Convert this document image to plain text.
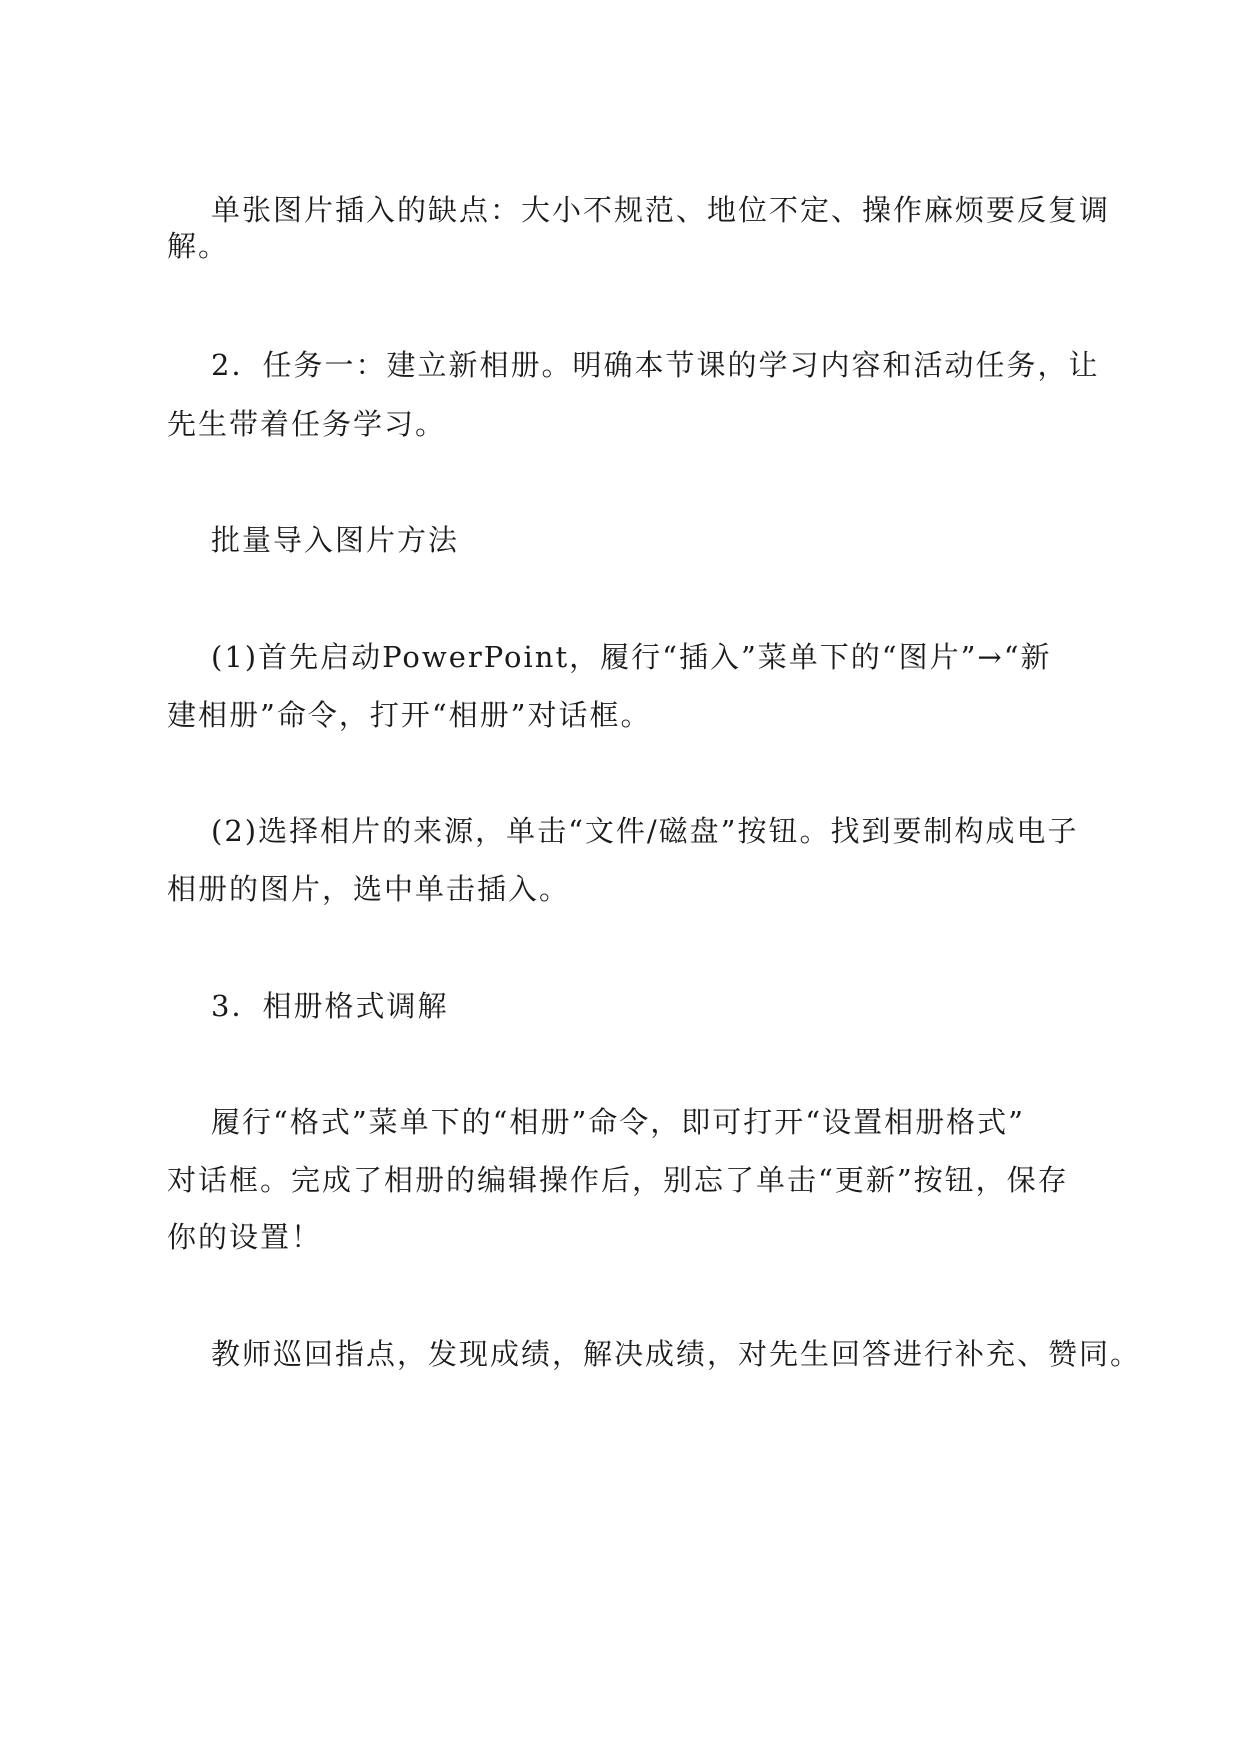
单张图片插入的缺点：大小不规范、地位不定、操作麻烦要反复调
解。
2．任务一：建立新相册。明确本节课的学习内容和活动任务，让
先生带着任务学习。
批量导入图片方法
(1)首先启动PowerPoint，履行“插入”菜单下的“图片”→“新
建相册”命令，打开“相册”对话框。
(2)选择相片的来源，单击“文件/磁盘”按钮。找到要制构成电子
相册的图片，选中单击插入。
3．相册格式调解
履行“格式”菜单下的“相册”命令，即可打开“设置相册格式”
对话框。完成了相册的编辑操作后，别忘了单击“更新”按钮，保存
你的设置！
教师巡回指点，发现成绩，解决成绩，对先生回答进行补充、赞同。
